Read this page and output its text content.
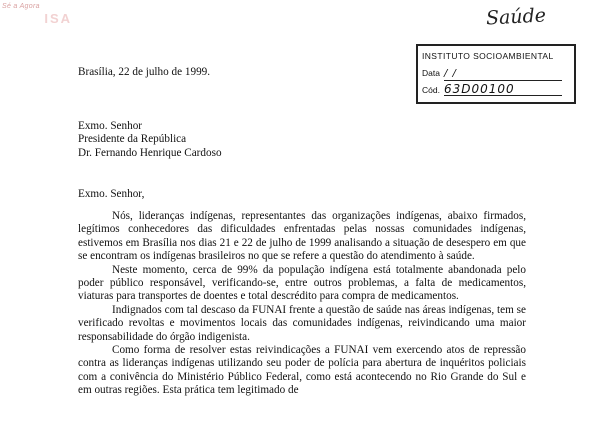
Sé a Agora
ISA	Saúde
INSTITUTO SOCIOAMBIENTAL
Data / /
Cód. 63D00100
Brasília, 22 de julho de 1999.
Exmo. Senhor
Presidente da República
Dr. Fernando Henrique Cardoso
Exmo. Senhor,

Nós, lideranças indígenas, representantes das organizações indígenas, abaixo firmados, legítimos conhecedores das dificuldades enfrentadas pelas nossas comunidades indígenas, estivemos em Brasília nos dias 21 e 22 de julho de 1999 analisando a situação de desespero em que se encontram os indígenas brasileiros no que se refere a questão do atendimento à saúde.

Neste momento, cerca de 99% da população indígena está totalmente abandonada pelo poder público responsável, verificando-se, entre outros problemas, a falta de medicamentos, viaturas para transportes de doentes e total descrédito para compra de medicamentos.

Indignados com tal descaso da FUNAI frente a questão de saúde nas áreas indígenas, tem se verificado revoltas e movimentos locais das comunidades indígenas, reivindicando uma maior responsabilidade do órgão indigenista.

Como forma de resolver estas reivindicações a FUNAI vem exercendo atos de repressão contra as lideranças indígenas utilizando seu poder de polícia para abertura de inquéritos policiais com a conivência do Ministério Público Federal, como está acontecendo no Rio Grande do Sul e em outras regiões. Esta prática tem legitimado de
